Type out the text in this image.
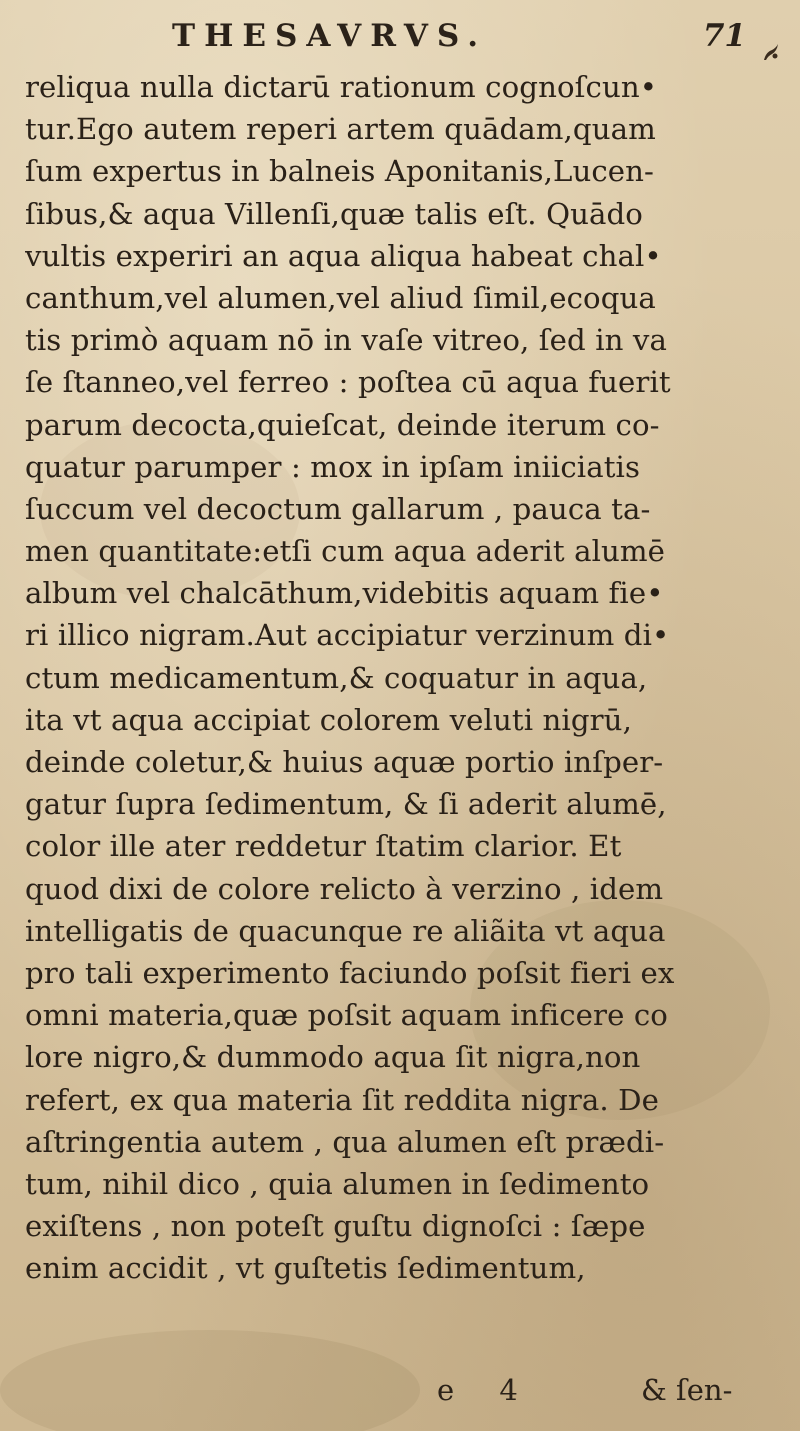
THESAVRVS.	71
reliqua nulla dictarū rationum cognoſcun•
tur.Ego autem reperi artem quādam,quam
ſum expertus in balneis Aponitanis,Lucen-
ſibus,& aqua Villenſi,quæ talis eſt. Quādo
vultis experiri an aqua aliqua habeat chal•
canthum,vel alumen,vel aliud ſimil,ecoqua
tis primò aquam nō in vaſe vitreo, ſed in va
ſe ſtanneo,vel ferreo : poſtea cū aqua fuerit
parum decocta,quieſcat, deinde iterum co-
quatur parumper : mox in ipſam iniiciatis
ſuccum vel decoctum gallarum , pauca ta-
men quantitate:etſi cum aqua aderit alumē
album vel chalcāthum,videbitis aquam fie•
ri illico nigram.Aut accipiatur verzinum di•
ctum medicamentum,& coquatur in aqua,
ita vt aqua accipiat colorem veluti nigrū,
deinde coletur,& huius aquæ portio inſper-
gatur ſupra ſedimentum, & ſi aderit alumē,
color ille ater reddetur ſtatim clarior. Et
quod dixi de colore relicto à verzino , idem
intelligatis de quacunque re aliãita vt aqua
pro tali experimento faciundo poſsit fieri ex
omni materia,quæ poſsit aquam inficere co
lore nigro,& dummodo aqua ſit nigra,non
refert, ex qua materia ſit reddita nigra. De
aſtringentia autem , qua alumen eſt prædi-
tum, nihil dico , quia alumen in ſedimento
exiſtens , non poteſt guſtu dignoſci : ſæpe
enim accidit , vt guſtetis ſedimentum,
e 4	& ſen-
